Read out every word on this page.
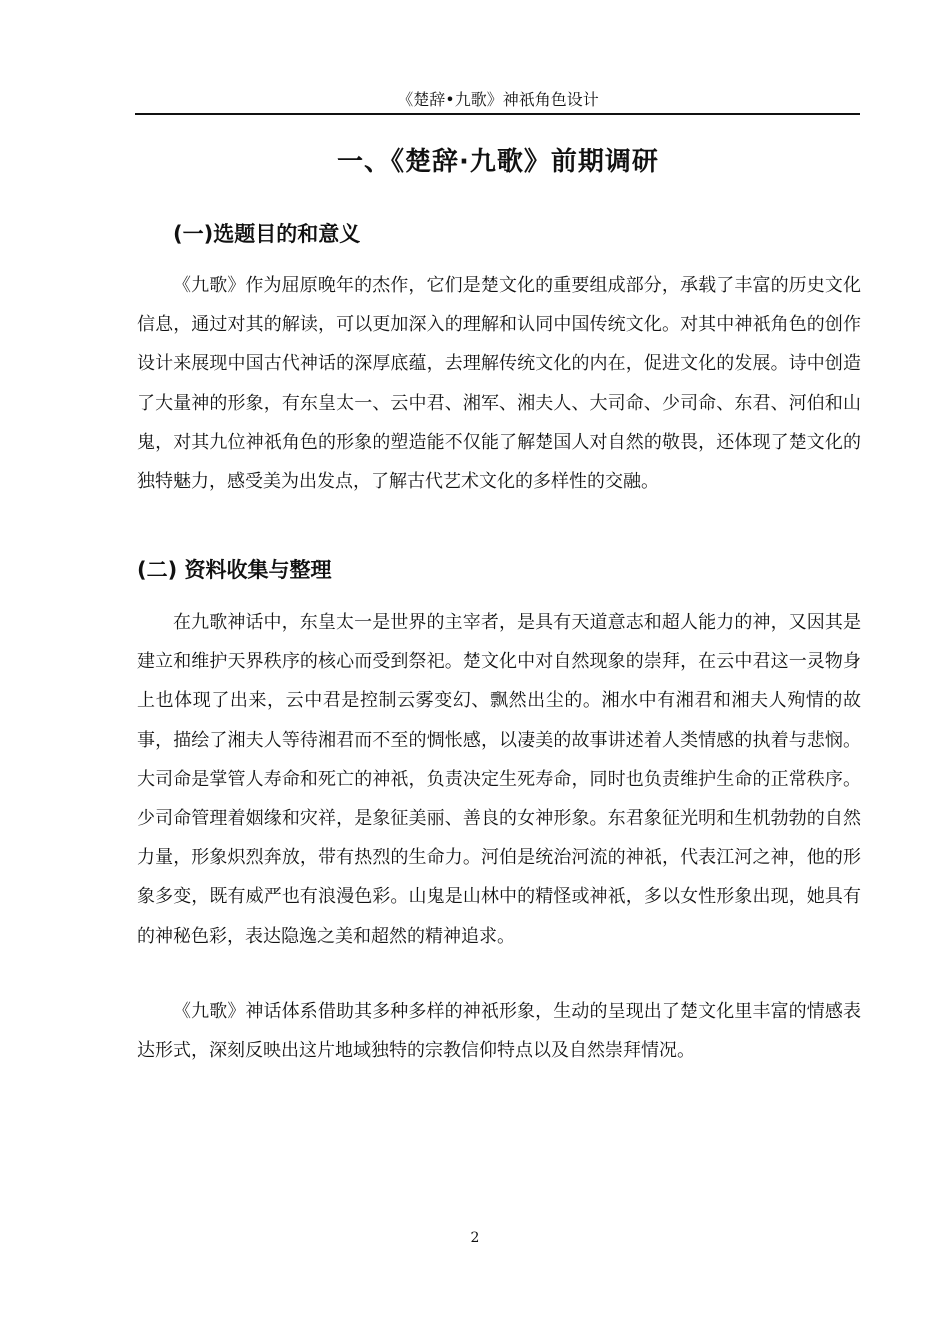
《楚辞•九歌》神祇角色设计
一、《楚辞·九歌》前期调研
(一)选题目的和意义

《九歌》作为屈原晚年的杰作，它们是楚文化的重要组成部分，承载了丰富的历史文化信息，通过对其的解读，可以更加深入的理解和认同中国传统文化。对其中神祇角色的创作设计来展现中国古代神话的深厚底蕴，去理解传统文化的内在，促进文化的发展。诗中创造了大量神的形象，有东皇太一、云中君、湘军、湘夫人、大司命、少司命、东君、河伯和山鬼，对其九位神祇角色的形象的塑造能不仅能了解楚国人对自然的敬畏，还体现了楚文化的独特魅力，感受美为出发点，了解古代艺术文化的多样性的交融。

(二) 资料收集与整理

在九歌神话中，东皇太一是世界的主宰者，是具有天道意志和超人能力的神，又因其是建立和维护天界秩序的核心而受到祭祀。楚文化中对自然现象的崇拜，在云中君这一灵物身上也体现了出来，云中君是控制云雾变幻、飘然出尘的。湘水中有湘君和湘夫人殉情的故事，描绘了湘夫人等待湘君而不至的惆怅感，以凄美的故事讲述着人类情感的执着与悲悯。大司命是掌管人寿命和死亡的神祇，负责决定生死寿命，同时也负责维护生命的正常秩序。少司命管理着姻缘和灾祥，是象征美丽、善良的女神形象。东君象征光明和生机勃勃的自然力量，形象炽烈奔放，带有热烈的生命力。河伯是统治河流的神祇，代表江河之神，他的形象多变，既有威严也有浪漫色彩。山鬼是山林中的精怪或神祇，多以女性形象出现，她具有的神秘色彩，表达隐逸之美和超然的精神追求。

《九歌》神话体系借助其多种多样的神祇形象，生动的呈现出了楚文化里丰富的情感表达形式，深刻反映出这片地域独特的宗教信仰特点以及自然崇拜情况。

2
